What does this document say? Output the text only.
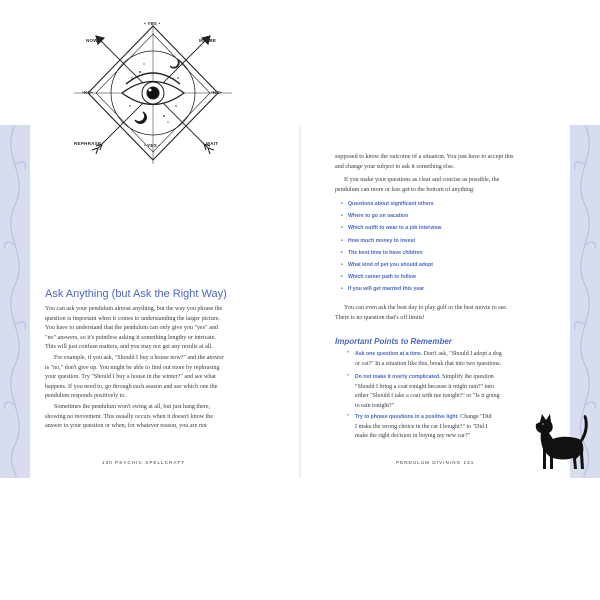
• YES •
NOW!	MAYBE
•NO•	•NO•
REPHRASE	• YES •	WAIT
Ask Anything (but Ask the Right Way)
You can ask your pendulum almost anything, but the way you phrase the
question is important when it comes to understanding the larger picture.
You have to understand that the pendulum can only give you "yes" and
"no" answers, so it's pointless asking it something lengthy or intricate.
This will just confuse matters, and you may not get any results at all.
For example, if you ask, "Should I buy a house now?" and the answer
is "no," don't give up. You might be able to find out more by rephrasing
your question. Try "Should I buy a house in the winter?" and see what
happens. If you need to, go through each season and see which one the
pendulum responds positively to.
Sometimes the pendulum won't swing at all, but just hang there,
showing no movement. This usually occurs when it doesn't know the
answer to your question or when, for whatever reason, you are not
130 PSYCHIC SPELLCRAFT
supposed to know the outcome of a situation. You just have to accept this
and change your subject to ask it something else.
If you make your questions as clear and concise as possible, the
pendulum can more or less get to the bottom of anything:
• Questions about significant others
• Where to go on vacation
• Which outfit to wear to a job interview
• How much money to invest
• The best time to have children
• What kind of pet you should adopt
• Which career path to follow
• If you will get married this year
You can even ask the best day to play golf or the best movie to see.
There is no question that's off limits!
Important Points to Remember
• Ask one question at a time. Don't ask, "Should I adopt a dog
or cat?" In a situation like this, break that into two questions.
• Do not make it overly complicated. Simplify the question
"Should I bring a coat tonight because it might rain?" into
either "Should I take a coat with me tonight?" or "Is it going
to rain tonight?"
• Try to phrase questions in a positive light. Change "Did
I make the wrong choice in the car I bought?" to "Did I
make the right decision in buying my new car?"
PENDULUM DIVINING 131
